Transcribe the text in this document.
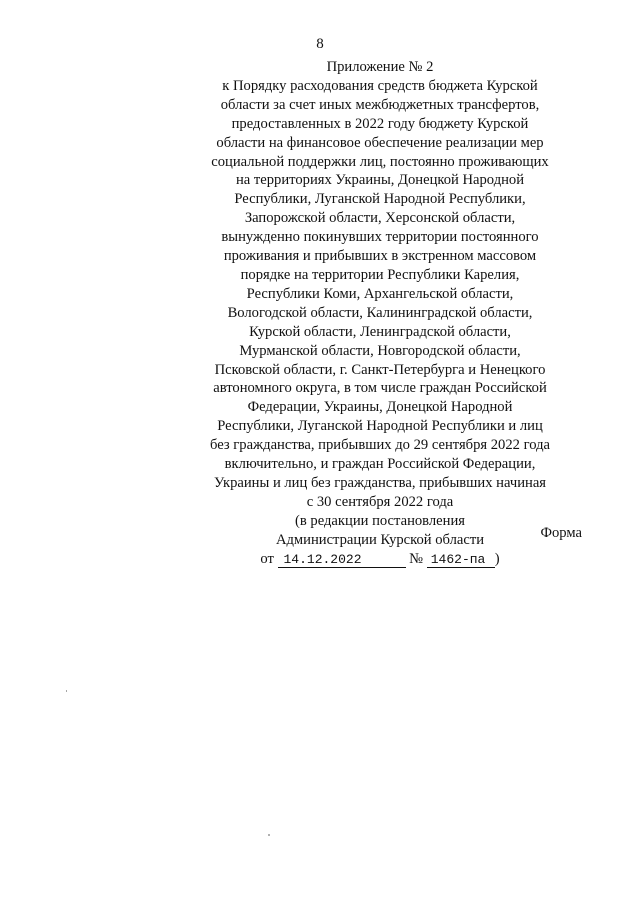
8
Приложение № 2
к Порядку расходования средств бюджета Курской
области за счет иных межбюджетных трансфертов,
предоставленных в 2022 году бюджету Курской
области на финансовое обеспечение реализации мер
социальной поддержки лиц, постоянно проживающих
на территориях Украины, Донецкой Народной
Республики, Луганской Народной Республики,
Запорожской области, Херсонской области,
вынужденно покинувших территории постоянного
проживания и прибывших в экстренном массовом
порядке на территории Республики Карелия,
Республики Коми, Архангельской области,
Вологодской области, Калининградской области,
Курской области, Ленинградской области,
Мурманской области, Новгородской области,
Псковской области, г. Санкт-Петербурга и Ненецкого
автономного округа, в том числе граждан Российской
Федерации, Украины, Донецкой Народной
Республики, Луганской Народной Республики и лиц
без гражданства, прибывших до 29 сентября 2022 года
включительно, и граждан Российской Федерации,
Украины и лиц без гражданства, прибывших начиная
с 30 сентября 2022 года
(в редакции постановления
Администрации Курской области
от 14.12.2022	№ 1462-па )
Форма
